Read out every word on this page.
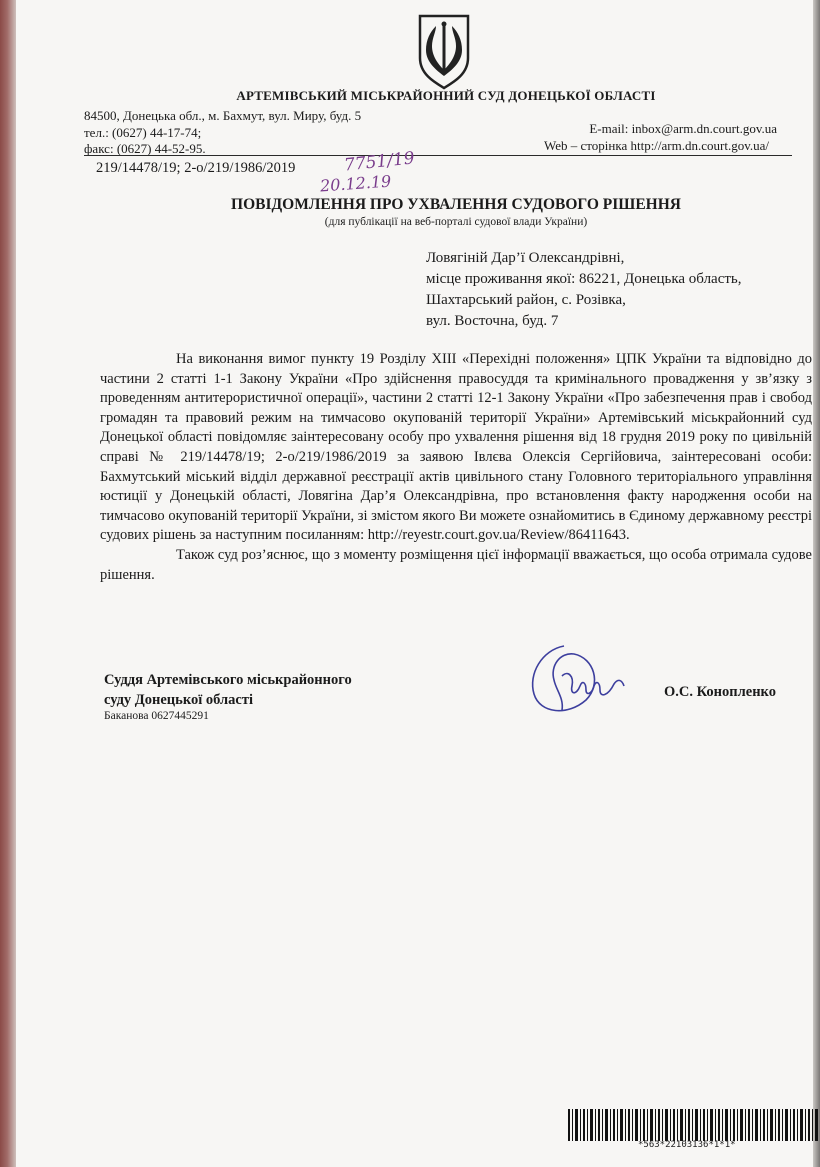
АРТЕМІВСЬКИЙ МІСЬКРАЙОННИЙ СУД ДОНЕЦЬКОЇ ОБЛАСТІ
84500, Донецька обл., м. Бахмут, вул. Миру, буд. 5
тел.: (0627) 44-17-74;
факс: (0627) 44-52-95.
E-mail: inbox@arm.dn.court.gov.ua
Web – сторінка http://arm.dn.court.gov.ua/
219/14478/19; 2-о/219/1986/2019	7751/19
20.12.19
ПОВІДОМЛЕННЯ ПРО УХВАЛЕННЯ СУДОВОГО РІШЕННЯ
(для публікації на веб-порталі судової влади України)
Ловягіній Дар’ї Олександрівні,
місце проживання якої: 86221, Донецька область,
Шахтарський район, с. Розівка,
вул. Восточна, буд. 7

На виконання вимог пункту 19 Розділу XIII «Перехідні положення» ЦПК України та відповідно до частини 2 статті 1-1 Закону України «Про здійснення правосуддя та кримінального провадження у зв’язку з проведенням антитерористичної операції», частини 2 статті 12-1 Закону України «Про забезпечення прав і свобод громадян та правовий режим на тимчасово окупованій території України» Артемівський міськрайонний суд Донецької області повідомляє заінтересовану особу про ухвалення рішення від 18 грудня 2019 року по цивільній справі № 219/14478/19; 2-о/219/1986/2019 за заявою Івлєва Олексія Сергійовича, заінтересовані особи: Бахмутський міський відділ державної реєстрації актів цивільного стану Головного територіального управління юстиції у Донецькій області, Ловягіна Дар’я Олександрівна, про встановлення факту народження особи на тимчасово окупованій території України, зі змістом якого Ви можете ознайомитись в Єдиному державному реєстрі судових рішень за наступним посиланням: http://reyestr.court.gov.ua/Review/86411643.

Також суд роз’яснює, що з моменту розміщення цієї інформації вважається, що особа отримала судове рішення.

Суддя Артемівського міськрайонного
суду Донецької області
Баканова 0627445291
О.С. Коноплeнко
*563*22103136*1*1*
